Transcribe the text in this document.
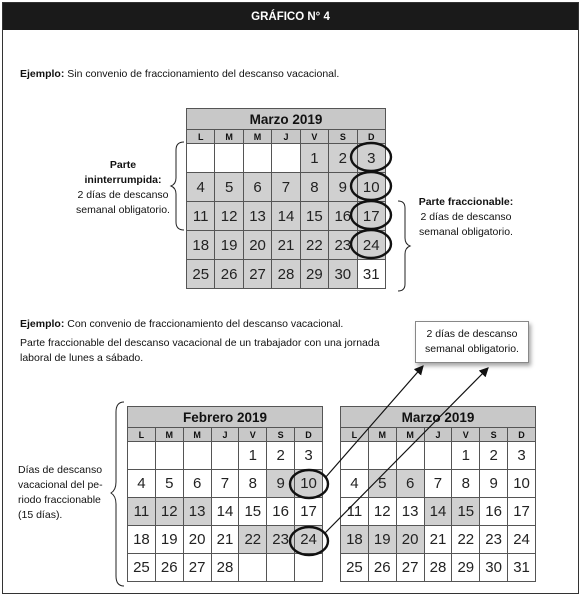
GRÁFICO N° 4
Ejemplo: Sin convenio de fraccionamiento del descanso vacacional.
Parte
ininterrumpida:
2 días de descanso
semanal obligatorio.
Parte fraccionable:
2 días de descanso
semanal obligatorio.
Ejemplo: Con convenio de fraccionamiento del descanso vacacional.
Parte fraccionable del descanso vacacional de un trabajador con una jornada
laboral de lunes a sábado.
2 días de descanso
semanal obligatorio.
Días de descanso
vacacional del pe-
riodo fraccionable
(15 días).
Marzo 2019						
L	M	M	J	V	S	D
				1	2	3
4	5	6	7	8	9	10
11	12	13	14	15	16	17
18	19	20	21	22	23	24
25	26	27	28	29	30	31
Febrero 2019						
L	M	M	J	V	S	D
				1	2	3
4	5	6	7	8	9	10
11	12	13	14	15	16	17
18	19	20	21	22	23	24
25	26	27	28			
Marzo 2019						
L	M	M	J	V	S	D
				1	2	3
4	5	6	7	8	9	10
11	12	13	14	15	16	17
18	19	20	21	22	23	24
25	26	27	28	29	30	31
